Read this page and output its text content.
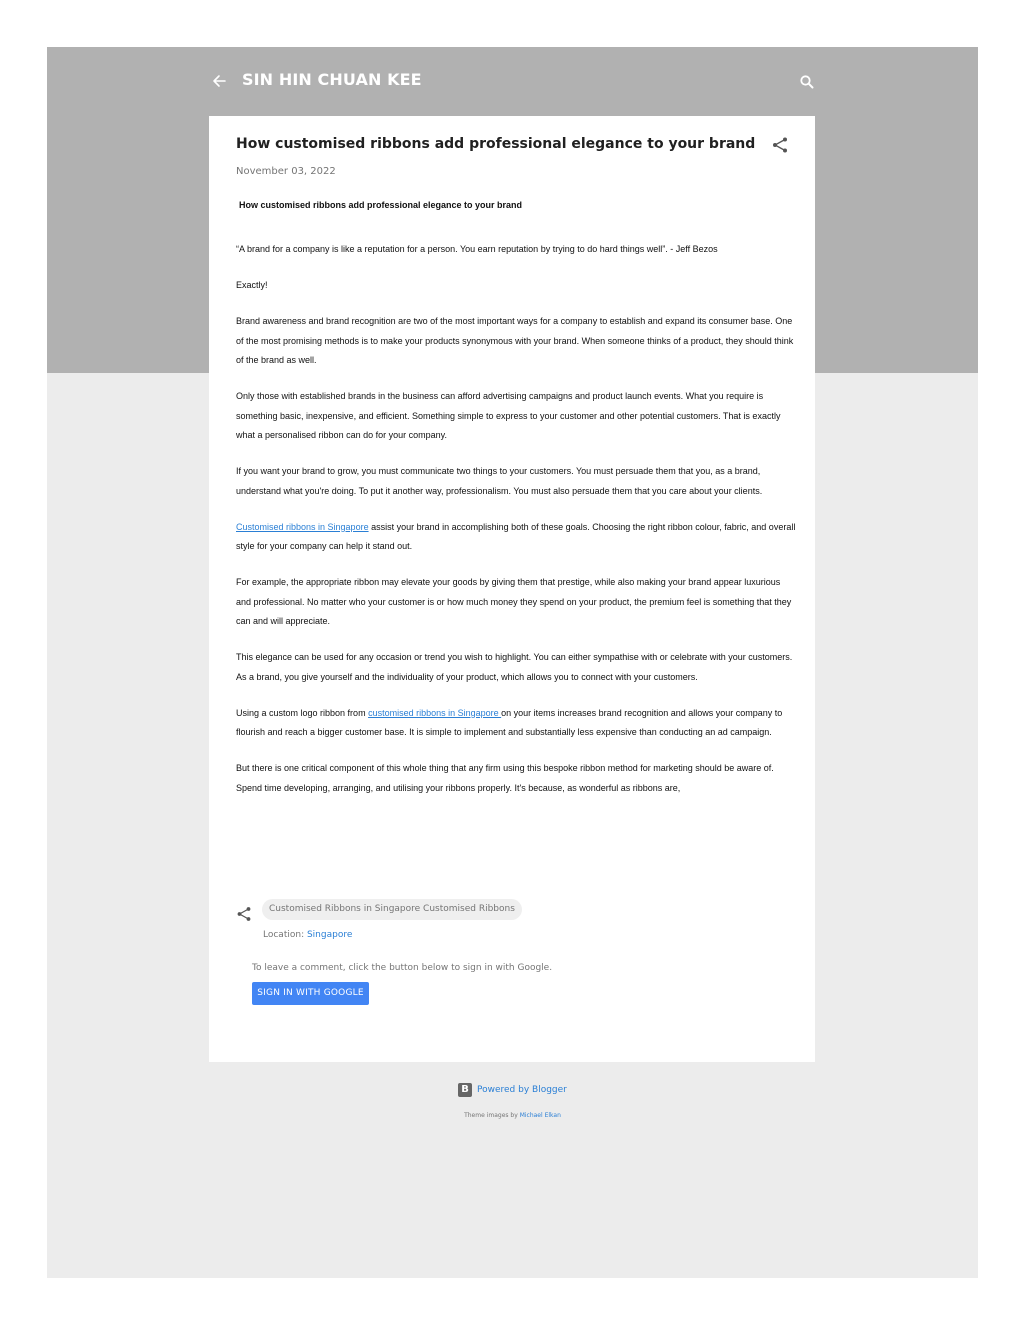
SIN HIN CHUAN KEE
How customised ribbons add professional elegance to your brand
November 03, 2022
How customised ribbons add professional elegance to your brand

“A brand for a company is like a reputation for a person. You earn reputation by trying to do hard things well”. - Jeff Bezos

Exactly!

Brand awareness and brand recognition are two of the most important ways for a company to establish and expand its consumer base. One of the most promising methods is to make your products synonymous with your brand. When someone thinks of a product, they should think of the brand as well.

Only those with established brands in the business can afford advertising campaigns and product launch events. What you require is something basic, inexpensive, and efficient. Something simple to express to your customer and other potential customers. That is exactly what a personalised ribbon can do for your company.

If you want your brand to grow, you must communicate two things to your customers. You must persuade them that you, as a brand, understand what you're doing. To put it another way, professionalism. You must also persuade them that you care about your clients.

Customised ribbons in Singapore assist your brand in accomplishing both of these goals. Choosing the right ribbon colour, fabric, and overall style for your company can help it stand out.

For example, the appropriate ribbon may elevate your goods by giving them that prestige, while also making your brand appear luxurious and professional. No matter who your customer is or how much money they spend on your product, the premium feel is something that they can and will appreciate.

This elegance can be used for any occasion or trend you wish to highlight. You can either sympathise with or celebrate with your customers. As a brand, you give yourself and the individuality of your product, which allows you to connect with your customers.

Using a custom logo ribbon from customised ribbons in Singapore on your items increases brand recognition and allows your company to flourish and reach a bigger customer base. It is simple to implement and substantially less expensive than conducting an ad campaign.

But there is one critical component of this whole thing that any firm using this bespoke ribbon method for marketing should be aware of. Spend time developing, arranging, and utilising your ribbons properly. It's because, as wonderful as ribbons are,

Customised Ribbons in Singapore Customised Ribbons
Location: Singapore
To leave a comment, click the button below to sign in with Google.
SIGN IN WITH GOOGLE
B Powered by Blogger
Theme images by Michael Elkan
